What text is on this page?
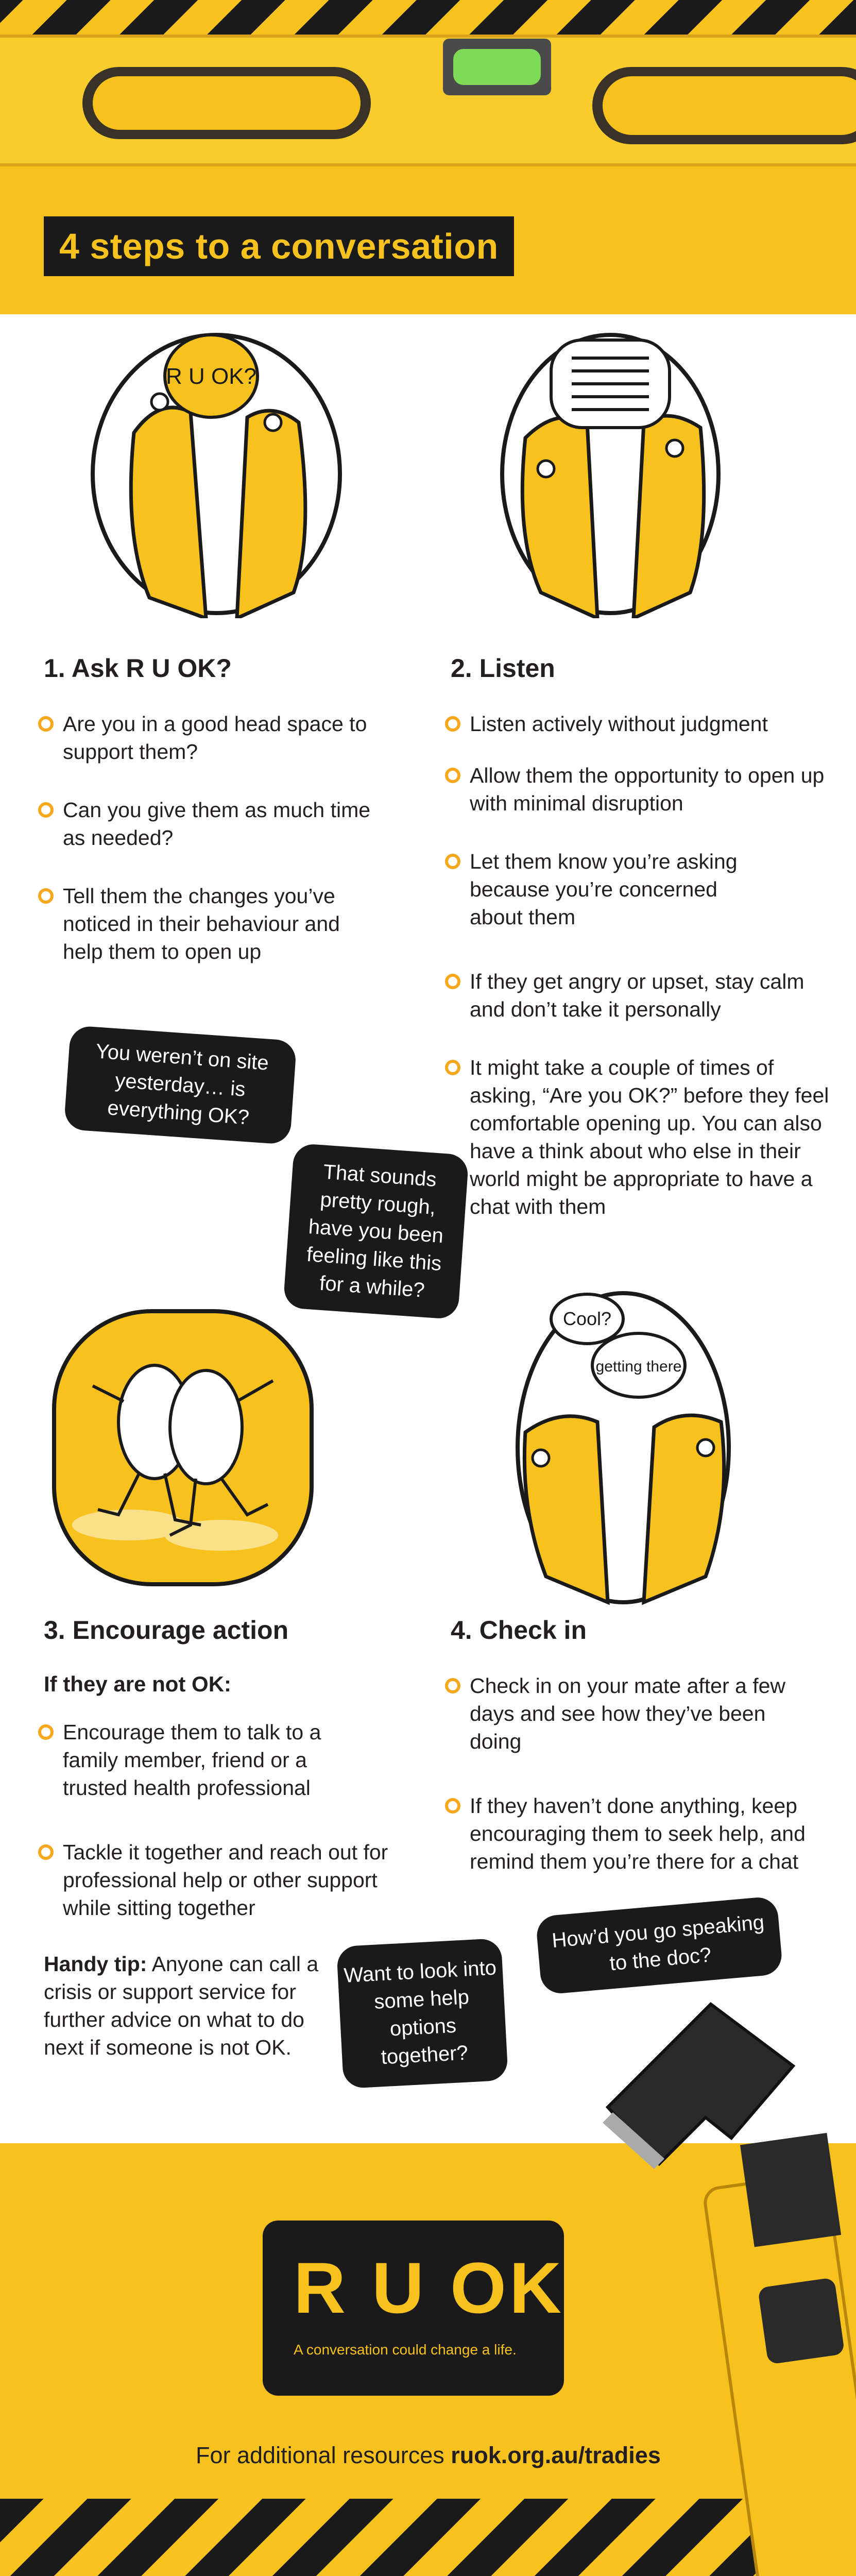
4 steps to a conversation
R U OK?
1. Ask R U OK?
Are you in a good head space to support them?
Can you give them as much time as needed?
Tell them the changes you’ve noticed in their behaviour and help them to open up
2. Listen
Listen actively without judgment
Allow them the opportunity to open up with minimal disruption
Let them know you’re asking because you’re concerned about them
If they get angry or upset, stay calm and don’t take it personally
It might take a couple of times of asking, “Are you OK?” before they feel comfortable opening up. You can also have a think about who else in their world might be appropriate to have a chat with them
You weren’t on site yesterday… is everything OK?
That sounds pretty rough, have you been feeling like this for a while?
Cool?
getting there
3. Encourage action
If they are not OK:
Encourage them to talk to a family member, friend or a trusted health professional
Tackle it together and reach out for professional help or other support while sitting together
Handy tip: Anyone can call a crisis or support service for further advice on what to do next if someone is not OK.
4. Check in
Check in on your mate after a few days and see how they’ve been doing
If they haven’t done anything, keep encouraging them to seek help, and remind them you’re there for a chat
Want to look into some help options together?
How’d you go speaking to the doc?
R U OK?
A conversation could change a life.
For additional resources ruok.org.au/tradies
